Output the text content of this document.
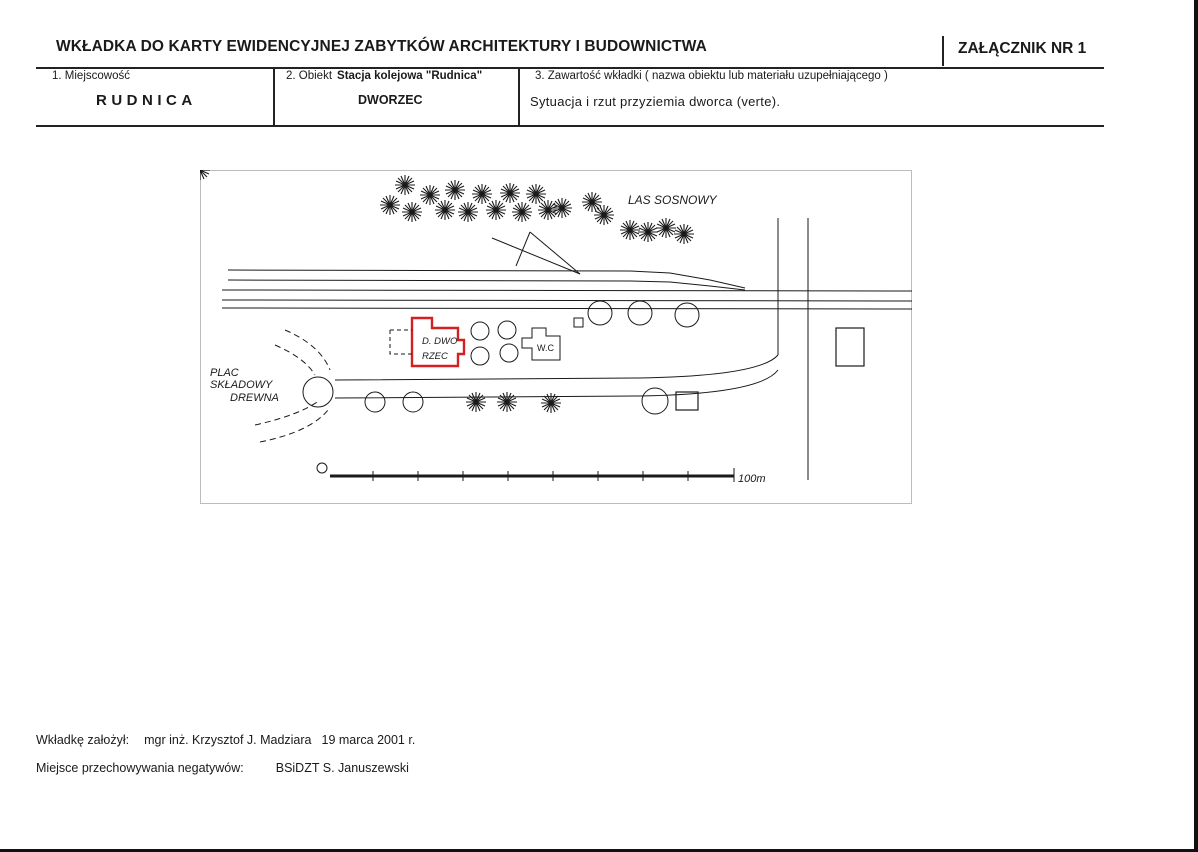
WKŁADKA DO KARTY EWIDENCYJNEJ ZABYTKÓW ARCHITEKTURY I BUDOWNICTWA	ZAŁĄCZNIK NR 1
1. Miejscowość
RUDNICA
2. Obiekt Stacja kolejowa "Rudnica"
DWORZEC
3. Zawartość wkładki ( nazwa obiektu lub materiału uzupełniającego )
Sytuacja i rzut przyziemia dworca (verte).
LAS SOSNOWY
D. DWO
RZEC
W.C
PLAC
SKŁADOWY
DREWNA
100m
Wkładkę założył: mgr inż. Krzysztof J. Madziara 19 marca 2001 r.
Miejsce przechowywania negatywów:	BSiDZT S. Januszewski
